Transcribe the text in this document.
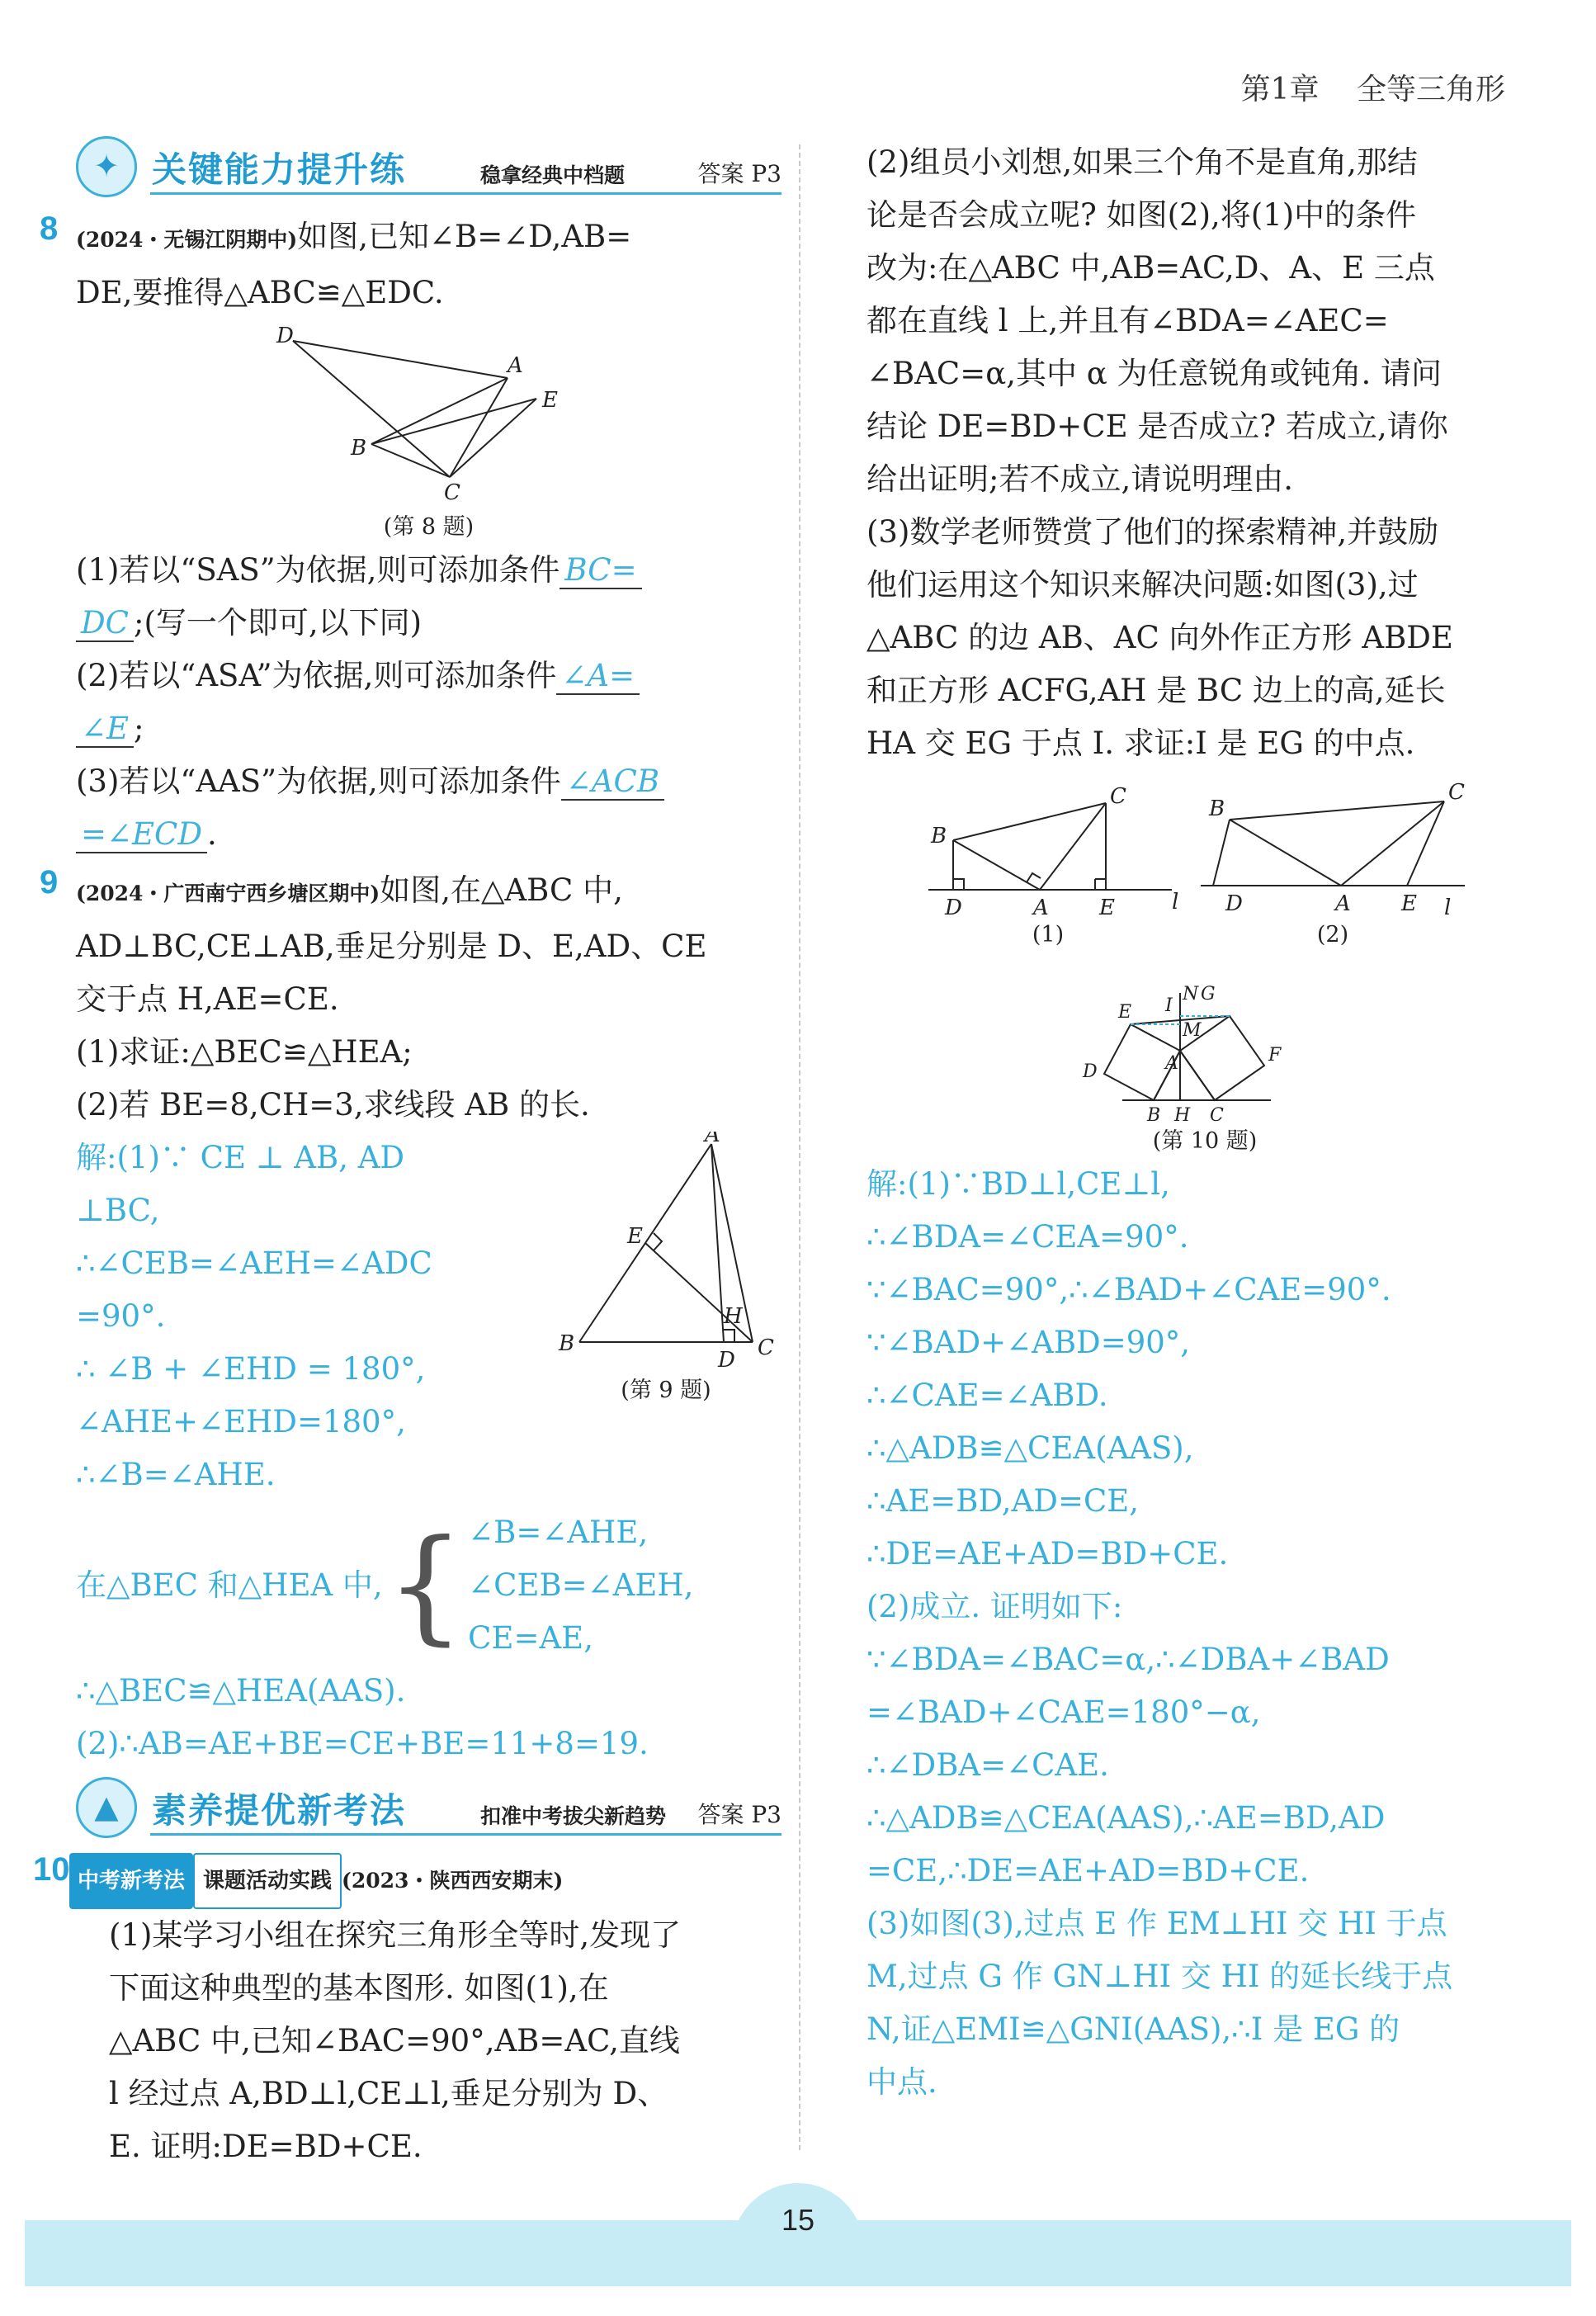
第1章 全等三角形
✦ 关键能力提升练	稳拿经典中档题	答案 P3
8 (2024・无锡江阴期中)如图,已知∠B=∠D,AB=

DE,要推得△ABC≌△EDC.

D
A
B
E
C
(第 8 题)

(1)若以“SAS”为依据,则可添加条件 BC=

DC ;(写一个即可,以下同)

(2)若以“ASA”为依据,则可添加条件 ∠A=

∠E ;

(3)若以“AAS”为依据,则可添加条件 ∠ACB

=∠ECD .

9 (2024・广西南宁西乡塘区期中)如图,在△ABC 中,

AD⊥BC,CE⊥AB,垂足分别是 D、E,AD、CE

交于点 H,AE=CE.

(1)求证:△BEC≌△HEA;

(2)若 BE=8,CH=3,求线段 AB 的长.

解:(1)∵ CE ⊥ AB, AD

⊥BC,

∴∠CEB=∠AEH=∠ADC

=90°.

∴ ∠B + ∠EHD = 180°,

∠AHE+∠EHD=180°,

∴∠B=∠AHE.

A
E
B
D C
H
(第 9 题)
在△BEC 和△HEA 中, { ∠B=∠AHE,
∠CEB=∠AEH,
CE=AE,

∴△BEC≌△HEA(AAS).

(2)∴AB=AE+BE=CE+BE=11+8=19.

▲ 素养提优新考法	扣准中考拔尖新趋势 答案 P3
10 中考新考法 课题活动实践 (2023・陕西西安期末)

(1)某学习小组在探究三角形全等时,发现了

下面这种典型的基本图形. 如图(1),在

△ABC 中,已知∠BAC=90°,AB=AC,直线

l 经过点 A,BD⊥l,CE⊥l,垂足分别为 D、

E. 证明:DE=BD+CE.

(2)组员小刘想,如果三个角不是直角,那结

论是否会成立呢? 如图(2),将(1)中的条件

改为:在△ABC 中,AB=AC,D、A、E 三点

都在直线 l 上,并且有∠BDA=∠AEC=

∠BAC=α,其中 α 为任意锐角或钝角. 请问

结论 DE=BD+CE 是否成立? 若成立,请你

给出证明;若不成立,请说明理由.

(3)数学老师赞赏了他们的探索精神,并鼓励

他们运用这个知识来解决问题:如图(3),过

△ABC 的边 AB、AC 向外作正方形 ABDE

和正方形 ACFG,AH 是 BC 边上的高,延长

HA 交 EG 于点 I. 求证:I 是 EG 的中点.

B
C
D	A E	l
(1)
B
C
D	A E l
(2)
E I
N G
M
D
F
A
B H C
(第 10 题)

解:(1)∵BD⊥l,CE⊥l,

∴∠BDA=∠CEA=90°.

∵∠BAC=90°,∴∠BAD+∠CAE=90°.

∵∠BAD+∠ABD=90°,

∴∠CAE=∠ABD.

∴△ADB≌△CEA(AAS),

∴AE=BD,AD=CE,

∴DE=AE+AD=BD+CE.

(2)成立. 证明如下:

∵∠BDA=∠BAC=α,∴∠DBA+∠BAD

=∠BAD+∠CAE=180°−α,

∴∠DBA=∠CAE.

∴△ADB≌△CEA(AAS),∴AE=BD,AD

=CE,∴DE=AE+AD=BD+CE.

(3)如图(3),过点 E 作 EM⊥HI 交 HI 于点

M,过点 G 作 GN⊥HI 交 HI 的延长线于点

N,证△EMI≌△GNI(AAS),∴I 是 EG 的

中点.

15
